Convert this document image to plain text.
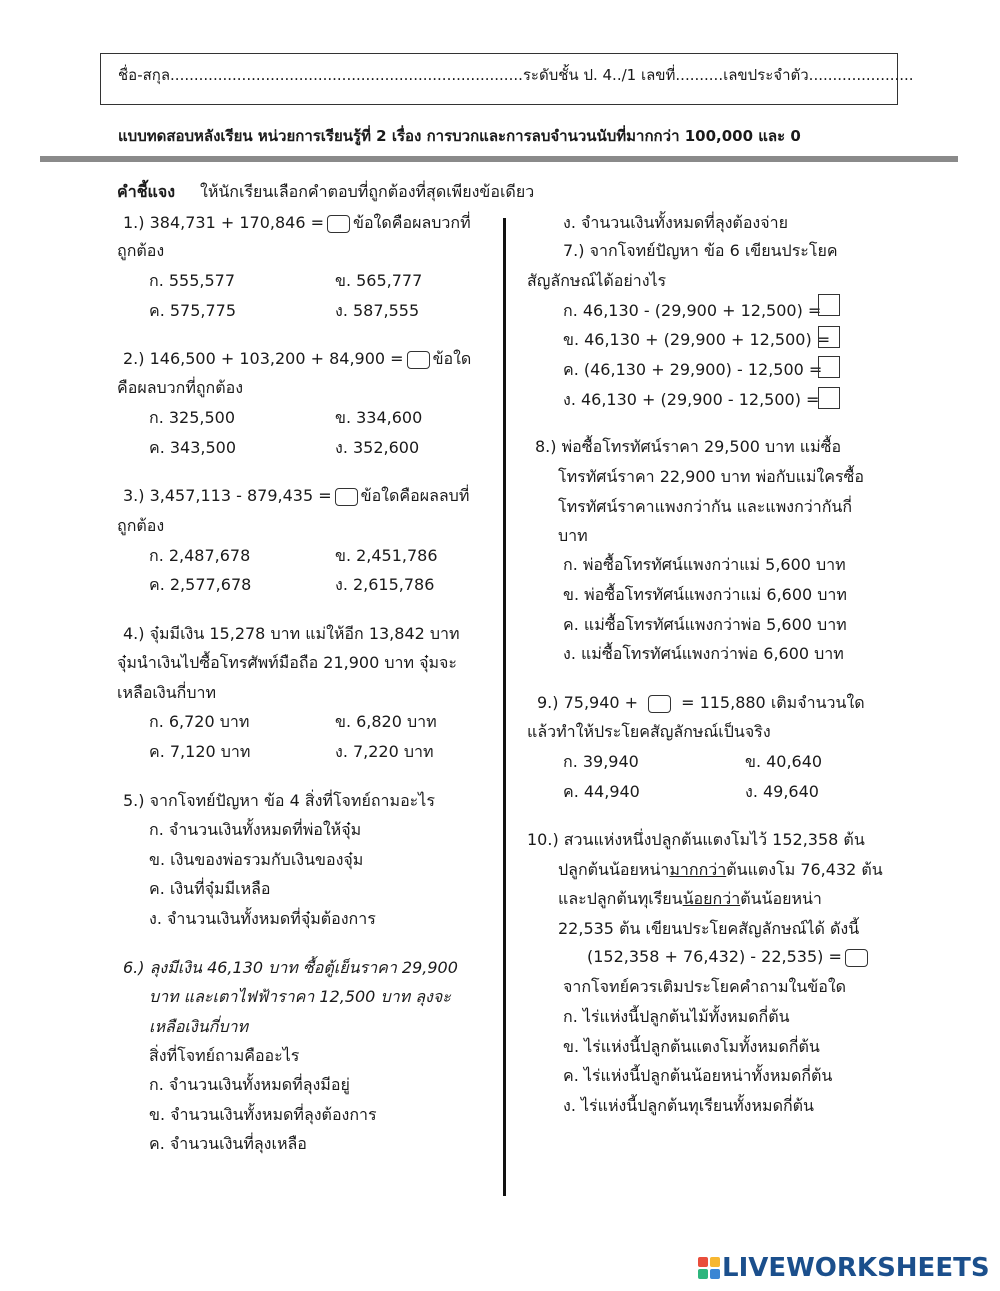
ชื่อ-สกุล..........................................................................ระดับชั้น ป. 4../1 เลขที่..........เลขประจำตัว......................
แบบทดสอบหลังเรียน หน่วยการเรียนรู้ที่ 2 เรื่อง การบวกและการลบจำนวนนับที่มากกว่า 100,000 และ 0
คำชี้แจง ให้นักเรียนเลือกคำตอบที่ถูกต้องที่สุดเพียงข้อเดียว
1.) 384,731 + 170,846 = ข้อใดคือผลบวกที่
ถูกต้อง
ก. 555,577	ข. 565,777
ค. 575,775	ง. 587,555
2.) 146,500 + 103,200 + 84,900 = ข้อใด
คือผลบวกที่ถูกต้อง
ก. 325,500	ข. 334,600
ค. 343,500	ง. 352,600
3.) 3,457,113 - 879,435 = ข้อใดคือผลลบที่
ถูกต้อง
ก. 2,487,678	ข. 2,451,786
ค. 2,577,678	ง. 2,615,786
4.) จุ๋มมีเงิน 15,278 บาท แม่ให้อีก 13,842 บาท
จุ๋มนำเงินไปซื้อโทรศัพท์มือถือ 21,900 บาท จุ๋มจะ
เหลือเงินกี่บาท
ก. 6,720 บาท	ข. 6,820 บาท
ค. 7,120 บาท	ง. 7,220 บาท
5.) จากโจทย์ปัญหา ข้อ 4 สิ่งที่โจทย์ถามอะไร
ก. จำนวนเงินทั้งหมดที่พ่อให้จุ๋ม
ข. เงินของพ่อรวมกับเงินของจุ๋ม
ค. เงินที่จุ๋มมีเหลือ
ง. จำนวนเงินทั้งหมดที่จุ๋มต้องการ
6.) ลุงมีเงิน 46,130 บาท ซื้อตู้เย็นราคา 29,900
บาท และเตาไฟฟ้าราคา 12,500 บาท ลุงจะ
เหลือเงินกี่บาท
สิ่งที่โจทย์ถามคืออะไร
ก. จำนวนเงินทั้งหมดที่ลุงมีอยู่
ข. จำนวนเงินทั้งหมดที่ลุงต้องการ
ค. จำนวนเงินที่ลุงเหลือ
ง. จำนวนเงินทั้งหมดที่ลุงต้องจ่าย
7.) จากโจทย์ปัญหา ข้อ 6 เขียนประโยค
สัญลักษณ์ได้อย่างไร
ก. 46,130 - (29,900 + 12,500) =
ข. 46,130 + (29,900 + 12,500) =
ค. (46,130 + 29,900) - 12,500 =
ง. 46,130 + (29,900 - 12,500) =
8.) พ่อซื้อโทรทัศน์ราคา 29,500 บาท แม่ซื้อ
โทรทัศน์ราคา 22,900 บาท พ่อกับแม่ใครซื้อ
โทรทัศน์ราคาแพงกว่ากัน และแพงกว่ากันกี่
บาท
ก. พ่อซื้อโทรทัศน์แพงกว่าแม่ 5,600 บาท
ข. พ่อซื้อโทรทัศน์แพงกว่าแม่ 6,600 บาท
ค. แม่ซื้อโทรทัศน์แพงกว่าพ่อ 5,600 บาท
ง. แม่ซื้อโทรทัศน์แพงกว่าพ่อ 6,600 บาท
9.) 75,940 +	= 115,880 เติมจำนวนใด
แล้วทำให้ประโยคสัญลักษณ์เป็นจริง
ก. 39,940	ข. 40,640
ค. 44,940	ง. 49,640
10.) สวนแห่งหนึ่งปลูกต้นแตงโมไว้ 152,358 ต้น
ปลูกต้นน้อยหน่ามากกว่าต้นแตงโม 76,432 ต้น
และปลูกต้นทุเรียนน้อยกว่าต้นน้อยหน่า
22,535 ต้น เขียนประโยคสัญลักษณ์ได้ ดังนี้
(152,358 + 76,432) - 22,535) =
จากโจทย์ควรเติมประโยคคำถามในข้อใด
ก. ไร่แห่งนี้ปลูกต้นไม้ทั้งหมดกี่ต้น
ข. ไร่แห่งนี้ปลูกต้นแตงโมทั้งหมดกี่ต้น
ค. ไร่แห่งนี้ปลูกต้นน้อยหน่าทั้งหมดกี่ต้น
ง. ไร่แห่งนี้ปลูกต้นทุเรียนทั้งหมดกี่ต้น
LIVEWORKSHEETS
